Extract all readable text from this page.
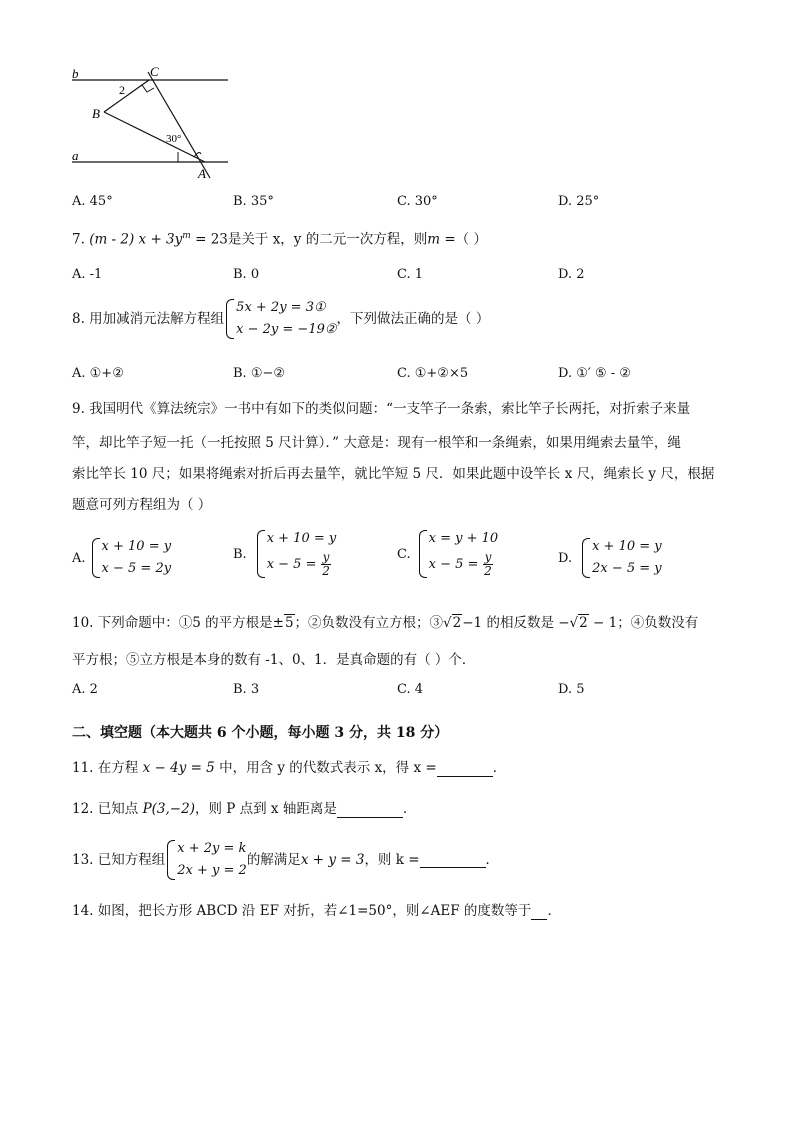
b	C
2
B
30°
a
A
A. 45°	B. 35°	C. 30°	D. 25°
7. (m - 2) $x + 3y^m = 23$是关于 x，y 的二元一次方程，则m =（ ）
A. -1	B. 0	C. 1	D. 2
8. 用加减消元法解方程组
5x + 2y = 3①
x − 2y = −19②
，下列做法正确的是（ ）
A. ①+②	B. ①−②	C. ①+②×5	D. ①′ ⑤ - ②
9. 我国明代《算法统宗》一书中有如下的类似问题：“一支竿子一条索，索比竿子长两托，对折索子来量
竿，却比竿子短一托（一托按照 5 尺计算）．” 大意是：现有一根竿和一条绳索，如果用绳索去量竿，绳
索比竿长 10 尺；如果将绳索对折后再去量竿，就比竿短 5 尺．如果此题中设竿长 x 尺，绳索长 y 尺，根据
题意可列方程组为（ ）
A.
x + 10 = y
x − 5 = 2y
B.
x + 10 = y
$x - 5 = \frac{y}{2}$	C.
x = y + 10
$x - 5 = \frac{y}{2}$	D.
x + 10 = y
2x − 5 = y
10. 下列命题中：①5 的平方根是±5；②负数没有立方根；③√2−1 的相反数是 −√2 − 1；④负数没有
平方根；⑤立方根是本身的数有 -1、0、1．是真命题的有（ ）个．
A. 2	B. 3	C. 4	D. 5
二、填空题（本大题共 6 个小题，每小题 3 分，共 18 分）
11. 在方程 x − 4y = 5 中，用含 y 的代数式表示 x，得 x =	．
12. 已知点 P(3,−2)，则 P 点到 x 轴距离是	．
13. 已知方程组
x + 2y = k
2x + y = 2
的解满足 x + y = 3 ，则 k =	．
14. 如图，把长方形 ABCD 沿 EF 对折，若∠1=50°，则∠AEF 的度数等于 ．
